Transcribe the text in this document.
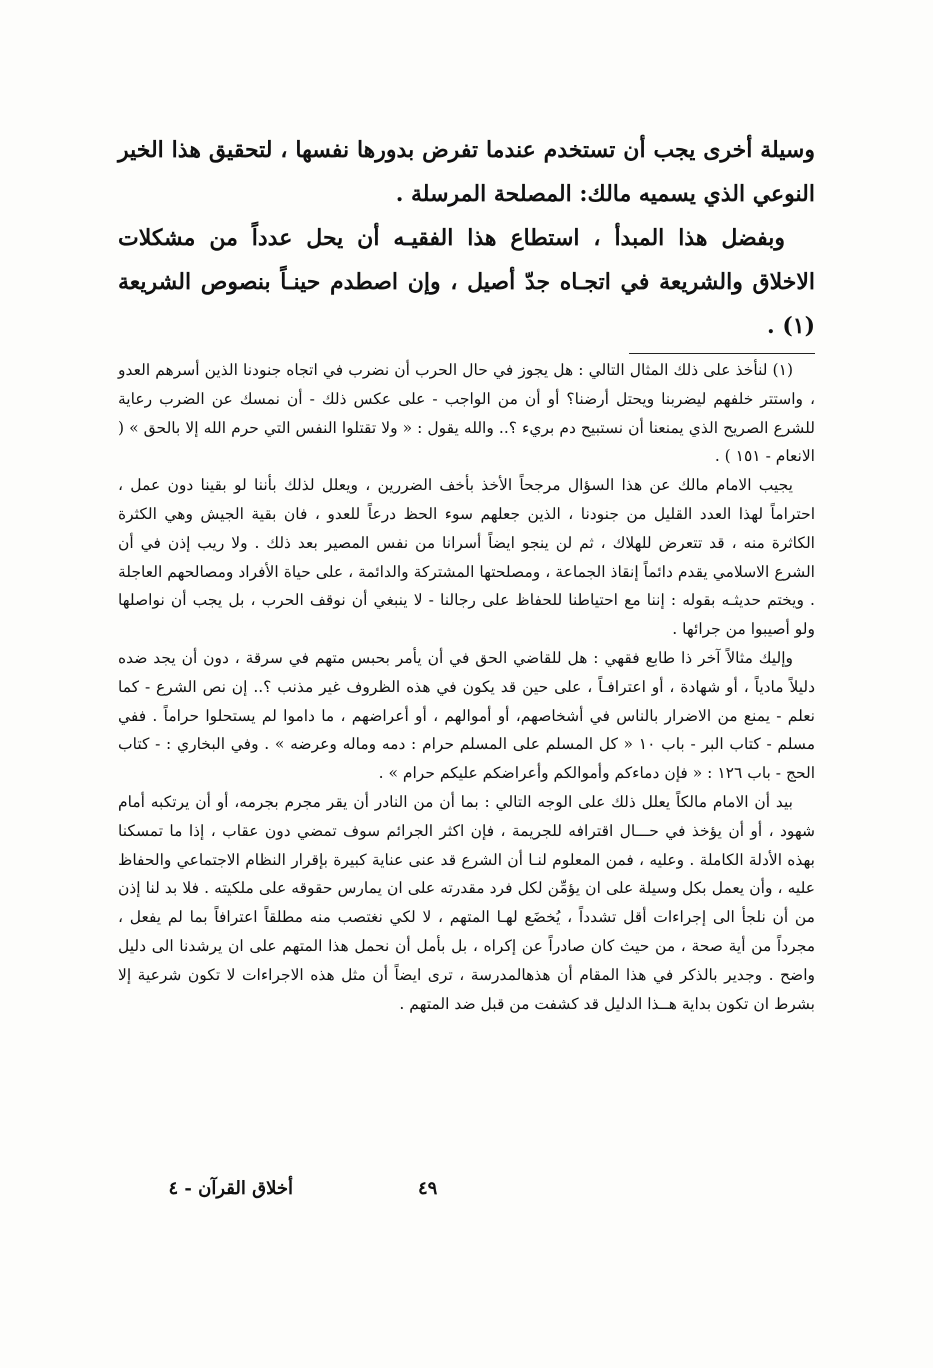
وسيلة أخرى يجب أن تستخدم عندما تفرض بدورها نفسها ، لتحقيق هذا الخير النوعي الذي يسميه مالك: المصلحة المرسلة .

وبفضل هذا المبدأ ، استطاع هذا الفقيـه أن يحل عدداً من مشكلات الاخلاق والشريعة في اتجـاه جدّ أصيل ، وإن اصطدم حينـاً بنصوص الشريعة (١) .

(١) لنأخذ على ذلك المثال التالي : هل يجوز في حال الحرب أن نضرب في اتجاه جنودنا الذين أسرهم العدو ، واستتر خلفهم ليضربنا ويحتل أرضنا؟ أو أن من الواجب - على عكس ذلك - أن نمسك عن الضرب رعاية للشرع الصريح الذي يمنعنا أن نستبيح دم بريء ؟.. والله يقول : « ولا تقتلوا النفس التي حرم الله إلا بالحق » ( الانعام - ١٥١ ) .

يجيب الامام مالك عن هذا السؤال مرجحاً الأخذ بأخف الضررين ، ويعلل لذلك بأننا لو بقينا دون عمل ، احتراماً لهذا العدد القليل من جنودنا ، الذين جعلهم سوء الحظ درعاً للعدو ، فان بقية الجيش وهي الكثرة الكاثرة منه ، قد تتعرض للهلاك ، ثم لن ينجو ايضاً أسرانا من نفس المصير بعد ذلك . ولا ريب إذن في أن الشرع الاسلامي يقدم دائماً إنقاذ الجماعة ، ومصلحتها المشتركة والدائمة ، على حياة الأفراد ومصالحهم العاجلة . ويختم حديثـه بقوله : إننا مع احتياطنا للحفاظ على رجالنا - لا ينبغي أن نوقف الحرب ، بل يجب أن نواصلها ولو أصيبوا من جرائها .

وإليك مثالاً آخر ذا طابع فقهي : هل للقاضي الحق في أن يأمر بحبس متهم في سرقة ، دون أن يجد ضده دليلاً مادياً ، أو شهادة ، أو اعترافـاً ، على حين قد يكون في هذه الظروف غير مذنب ؟.. إن نص الشرع - كما نعلم - يمنع من الاضرار بالناس في أشخاصهم، أو أموالهم ، أو أعراضهم ، ما داموا لم يستحلوا حراماً . ففي مسلم - كتاب البر - باب ١٠ « كل المسلم على المسلم حرام : دمه وماله وعرضه » . وفي البخاري : - كتاب الحج - باب ١٢٦ : « فإن دماءكم وأموالكم وأعراضكم عليكم حرام » .

بيد أن الامام مالكاً يعلل ذلك على الوجه التالي : بما أن من النادر أن يقر مجرم بجرمه، أو أن يرتكبه أمام شهود ، أو أن يؤخذ في حـــال اقترافه للجريمة ، فإن اكثر الجرائم سوف تمضي دون عقاب ، إذا ما تمسكنا بهذه الأدلة الكاملة . وعليه ، فمن المعلوم لنـا أن الشرع قد عنى عناية كبيرة بإقرار النظام الاجتماعي والحفاظ عليه ، وأن يعمل بكل وسيلة على ان يؤمِّن لكل فرد مقدرته على ان يمارس حقوقه على ملكيته . فلا بد لنا إذن من أن نلجأ الى إجراءات أقل تشدداً ، يُخضَع لهـا المتهم ، لا لكي نغتصب منه مطلقاً اعترافاً بما لم يفعل ، مجرداً من أية صحة ، من حيث كان صادراً عن إكراه ، بل بأمل أن نحمل هذا المتهم على ان يرشدنا الى دليل واضح . وجدير بالذكر في هذا المقام أن هذهالمدرسة ، ترى ايضاً أن مثل هذه الاجراءات لا تكون شرعية إلا بشرط ان تكون بداية هــذا الدليل قد كشفت من قبل ضد المتهم .

أخلاق القرآن - ٤	٤٩
